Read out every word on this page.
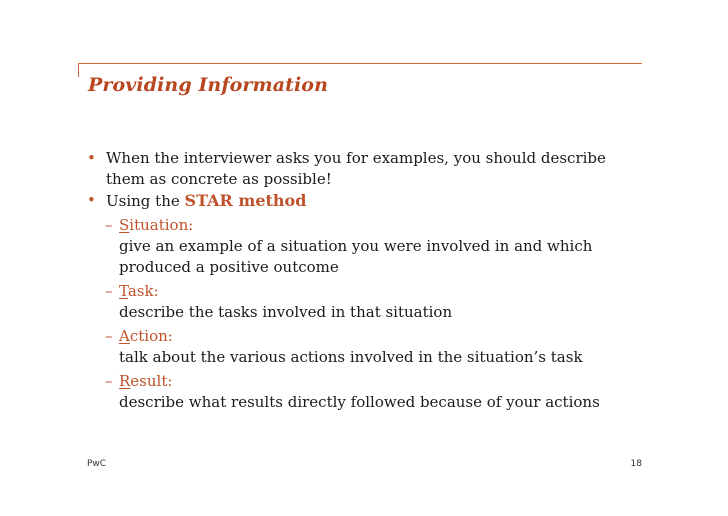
Providing Information

• When the interviewer asks you for examples, you should describe them as concrete as possible!

• Using the STAR method

– Situation:
give an example of a situation you were involved in and which produced a positive outcome
– Task:
describe the tasks involved in that situation
– Action:
talk about the various actions involved in the situation’s task
– Result:
describe what results directly followed because of your actions
PwC	18
